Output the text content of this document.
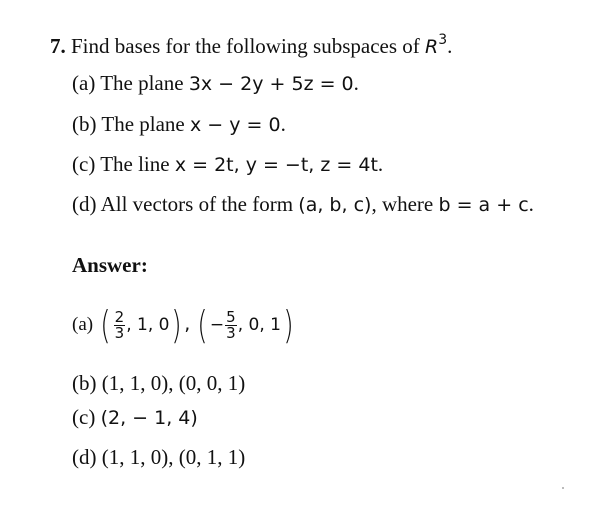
7. Find bases for the following subspaces of $R^3$.
(a) The plane 3x − 2y + 5z = 0.
(b) The plane x − y = 0.
(c) The line x = 2t, y = −t, z = 4t.
(d) All vectors of the form (a, b, c), where b = a + c.
Answer:
(a) ( $\frac{2}{3}$ , 1, 0) , ( − $\frac{5}{3}$ , 0, 1)
(b) (1, 1, 0), (0, 0, 1)
(c) (2, − 1, 4)
(d) (1, 1, 0), (0, 1, 1)
